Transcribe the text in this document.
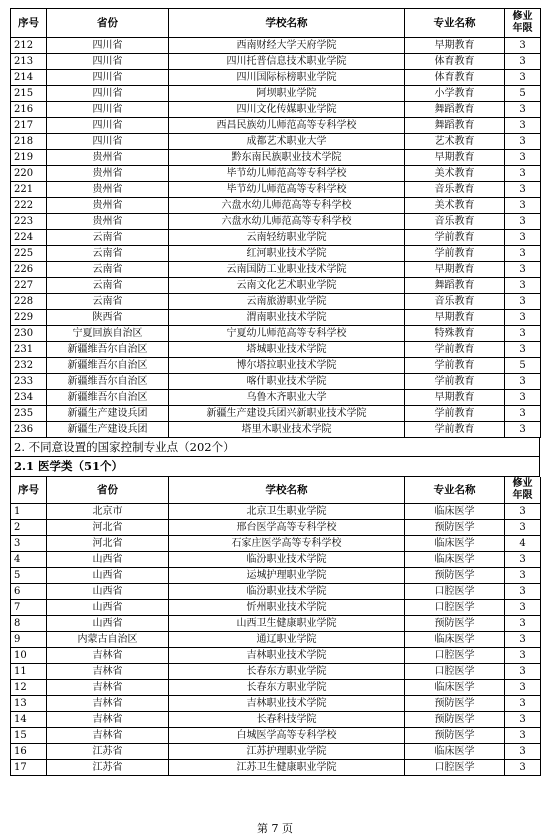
序号	省份	学校名称	专业名称	修业
年限
212	四川省	西南财经大学天府学院	早期教育	3
213	四川省	四川托普信息技术职业学院	体育教育	3
214	四川省	四川国际标榜职业学院	体育教育	3
215	四川省	阿坝职业学院	小学教育	5
216	四川省	四川文化传媒职业学院	舞蹈教育	3
217	四川省	西昌民族幼儿师范高等专科学校	舞蹈教育	3
218	四川省	成都艺术职业大学	艺术教育	3
219	贵州省	黔东南民族职业技术学院	早期教育	3
220	贵州省	毕节幼儿师范高等专科学校	美术教育	3
221	贵州省	毕节幼儿师范高等专科学校	音乐教育	3
222	贵州省	六盘水幼儿师范高等专科学校	美术教育	3
223	贵州省	六盘水幼儿师范高等专科学校	音乐教育	3
224	云南省	云南轻纺职业学院	学前教育	3
225	云南省	红河职业技术学院	学前教育	3
226	云南省	云南国防工业职业技术学院	早期教育	3
227	云南省	云南文化艺术职业学院	舞蹈教育	3
228	云南省	云南旅游职业学院	音乐教育	3
229	陕西省	渭南职业技术学院	早期教育	3
230	宁夏回族自治区	宁夏幼儿师范高等专科学校	特殊教育	3
231	新疆维吾尔自治区	塔城职业技术学院	学前教育	3
232	新疆维吾尔自治区	博尔塔拉职业技术学院	学前教育	5
233	新疆维吾尔自治区	喀什职业技术学院	学前教育	3
234	新疆维吾尔自治区	乌鲁木齐职业大学	早期教育	3
235	新疆生产建设兵团	新疆生产建设兵团兴新职业技术学院	学前教育	3
236	新疆生产建设兵团	塔里木职业技术学院	学前教育	3
2. 不同意设置的国家控制专业点（202个）
2.1 医学类（51个）
序号	省份	学校名称	专业名称	修业
年限
1	北京市	北京卫生职业学院	临床医学	3
2	河北省	邢台医学高等专科学校	预防医学	3
3	河北省	石家庄医学高等专科学校	临床医学	4
4	山西省	临汾职业技术学院	临床医学	3
5	山西省	运城护理职业学院	预防医学	3
6	山西省	临汾职业技术学院	口腔医学	3
7	山西省	忻州职业技术学院	口腔医学	3
8	山西省	山西卫生健康职业学院	预防医学	3
9	内蒙古自治区	通辽职业学院	临床医学	3
10	吉林省	吉林职业技术学院	口腔医学	3
11	吉林省	长春东方职业学院	口腔医学	3
12	吉林省	长春东方职业学院	临床医学	3
13	吉林省	吉林职业技术学院	预防医学	3
14	吉林省	长春科技学院	预防医学	3
15	吉林省	白城医学高等专科学校	预防医学	3
16	江苏省	江苏护理职业学院	临床医学	3
17	江苏省	江苏卫生健康职业学院	口腔医学	3
第 7 页
